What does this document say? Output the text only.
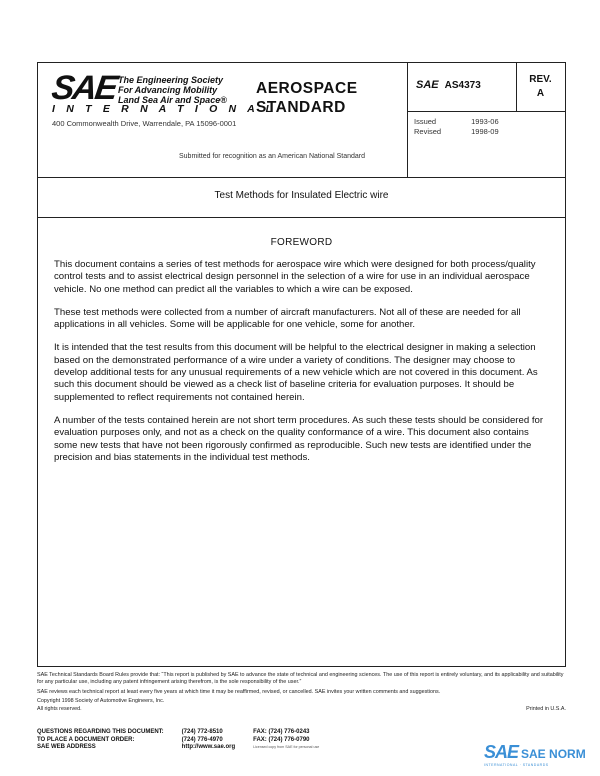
SAE The Engineering Society
For Advancing Mobility
Land Sea Air and Space®
I N T E R N A T I O N A L
400 Commonwealth Drive, Warrendale, PA 15096-0001
AEROSPACE
STANDARD
Submitted for recognition as an American National Standard
SAE AS4373
REV.
A
Issued	1993-06
Revised	1998-09
Test Methods for Insulated Electric wire
FOREWORD

This document contains a series of test methods for aerospace wire which were designed for both process/quality control tests and to assist electrical design personnel in the selection of a wire for use in an individual aerospace vehicle. No one method can predict all the variables to which a wire can be exposed.

These test methods were collected from a number of aircraft manufacturers. Not all of these are needed for all applications in all vehicles. Some will be applicable for one vehicle, some for another.

It is intended that the test results from this document will be helpful to the electrical designer in making a selection based on the demonstrated performance of a wire under a variety of conditions. The designer may choose to develop additional tests for any unusual requirements of a new vehicle which are not covered in this document. As such this document should be viewed as a check list of baseline criteria for evaluation purposes. It should be supplemented to reflect requirements not contained herein.

A number of the tests contained herein are not short term procedures. As such these tests should be considered for evaluation purposes only, and not as a check on the quality conformance of a wire. This document also contains some new tests that have not been rigorously confirmed as reproducible. Such new tests are identified under the precision and bias statements in the individual test methods.

SAE Technical Standards Board Rules provide that: “This report is published by SAE to advance the state of technical and engineering sciences. The use of this report is entirely voluntary, and its applicability and suitability for any particular use, including any patent infringement arising therefrom, is the sole responsibility of the user.”

SAE reviews each technical report at least every five years at which time it may be reaffirmed, revised, or cancelled. SAE invites your written comments and suggestions.

Copyright 1998 Society of Automotive Engineers, Inc.

All rights reserved.	Printed in U.S.A.
QUESTIONS REGARDING THIS DOCUMENT:	(724) 772-8510	FAX: (724) 776-0243
TO PLACE A DOCUMENT ORDER:	(724) 776-4970	FAX: (724) 776-0790
SAE WEB ADDRESS	http://www.sae.org	Licensed copy from SAE for personal use	SAE SAE NORM
INTERNATIONAL · STANDARDS
